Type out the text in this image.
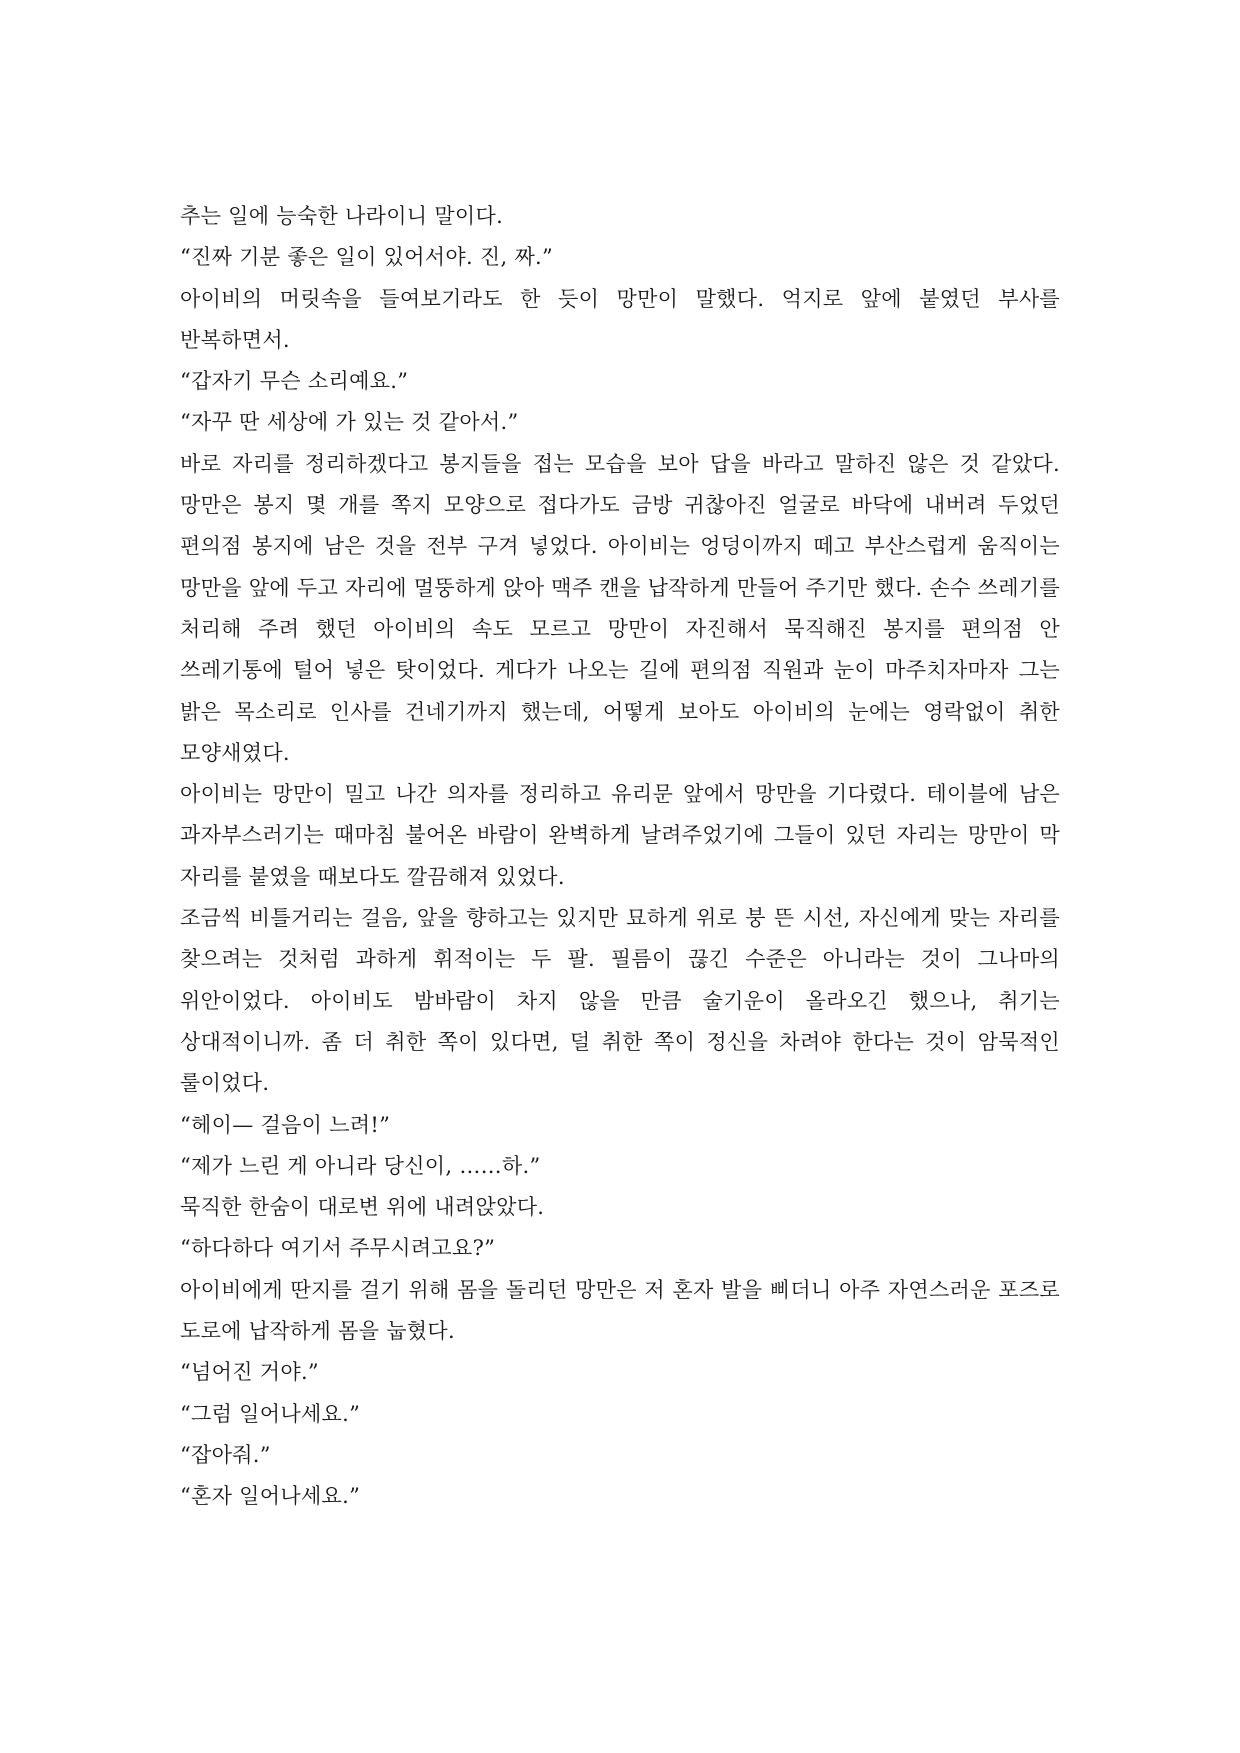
추는 일에 능숙한 나라이니 말이다.

“진짜 기분 좋은 일이 있어서야. 진, 짜.”

아이비의 머릿속을 들여보기라도 한 듯이 망만이 말했다. 억지로 앞에 붙였던 부사를 반복하면서.

“갑자기 무슨 소리예요.”

“자꾸 딴 세상에 가 있는 것 같아서.”

바로 자리를 정리하겠다고 봉지들을 접는 모습을 보아 답을 바라고 말하진 않은 것 같았다. 망만은 봉지 몇 개를 쪽지 모양으로 접다가도 금방 귀찮아진 얼굴로 바닥에 내버려 두었던 편의점 봉지에 남은 것을 전부 구겨 넣었다. 아이비는 엉덩이까지 떼고 부산스럽게 움직이는 망만을 앞에 두고 자리에 멀뚱하게 앉아 맥주 캔을 납작하게 만들어 주기만 했다. 손수 쓰레기를 처리해 주려 했던 아이비의 속도 모르고 망만이 자진해서 묵직해진 봉지를 편의점 안 쓰레기통에 털어 넣은 탓이었다. 게다가 나오는 길에 편의점 직원과 눈이 마주치자마자 그는 밝은 목소리로 인사를 건네기까지 했는데, 어떻게 보아도 아이비의 눈에는 영락없이 취한 모양새였다.

아이비는 망만이 밀고 나간 의자를 정리하고 유리문 앞에서 망만을 기다렸다. 테이블에 남은 과자부스러기는 때마침 불어온 바람이 완벽하게 날려주었기에 그들이 있던 자리는 망만이 막 자리를 붙였을 때보다도 깔끔해져 있었다.

조금씩 비틀거리는 걸음, 앞을 향하고는 있지만 묘하게 위로 붕 뜬 시선, 자신에게 맞는 자리를 찾으려는 것처럼 과하게 휘적이는 두 팔. 필름이 끊긴 수준은 아니라는 것이 그나마의 위안이었다. 아이비도 밤바람이 차지 않을 만큼 술기운이 올라오긴 했으나, 취기는 상대적이니까. 좀 더 취한 쪽이 있다면, 덜 취한 쪽이 정신을 차려야 한다는 것이 암묵적인 룰이었다.

“헤이— 걸음이 느려!”

“제가 느린 게 아니라 당신이, ……하.”

묵직한 한숨이 대로변 위에 내려앉았다.

“하다하다 여기서 주무시려고요?”

아이비에게 딴지를 걸기 위해 몸을 돌리던 망만은 저 혼자 발을 삐더니 아주 자연스러운 포즈로 도로에 납작하게 몸을 눕혔다.

“넘어진 거야.”

“그럼 일어나세요.”

“잡아줘.”

“혼자 일어나세요.”
